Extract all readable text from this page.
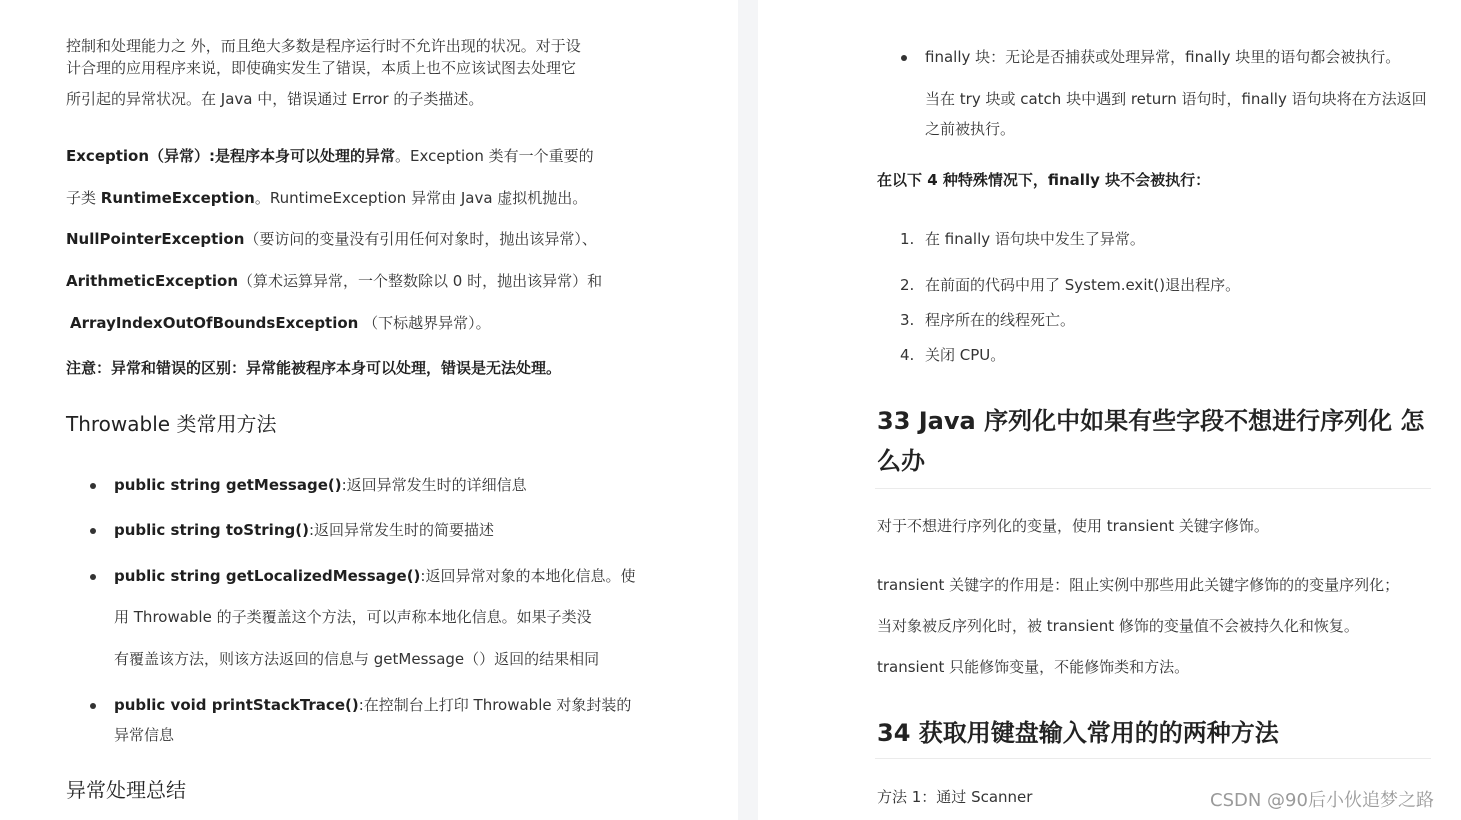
控制和处理能力之 外，而且绝大多数是程序运行时不允许出现的状况。对于设
计合理的应用程序来说，即使确实发生了错误，本质上也不应该试图去处理它
所引起的异常状况。在 Java 中，错误通过 Error 的子类描述。
Exception（异常）:是程序本身可以处理的异常。Exception 类有一个重要的
子类 RuntimeException。RuntimeException 异常由 Java 虚拟机抛出。
NullPointerException（要访问的变量没有引用任何对象时，抛出该异常）、
ArithmeticException（算术运算异常，一个整数除以 0 时，抛出该异常）和
ArrayIndexOutOfBoundsException （下标越界异常）。
注意：异常和错误的区别：异常能被程序本身可以处理，错误是无法处理。
Throwable 类常用方法
public string getMessage():返回异常发生时的详细信息
public string toString():返回异常发生时的简要描述
public string getLocalizedMessage():返回异常对象的本地化信息。使
用 Throwable 的子类覆盖这个方法，可以声称本地化信息。如果子类没
有覆盖该方法，则该方法返回的信息与 getMessage（）返回的结果相同
public void printStackTrace():在控制台上打印 Throwable 对象封装的
异常信息
异常处理总结
finally 块：无论是否捕获或处理异常，finally 块里的语句都会被执行。
当在 try 块或 catch 块中遇到 return 语句时，finally 语句块将在方法返回
之前被执行。
在以下 4 种特殊情况下，finally 块不会被执行：
1. 在 finally 语句块中发生了异常。
2. 在前面的代码中用了 System.exit()退出程序。
3. 程序所在的线程死亡。
4. 关闭 CPU。
33 Java 序列化中如果有些字段不想进行序列化 怎
么办
对于不想进行序列化的变量，使用 transient 关键字修饰。
transient 关键字的作用是：阻止实例中那些用此关键字修饰的的变量序列化；
当对象被反序列化时，被 transient 修饰的变量值不会被持久化和恢复。
transient 只能修饰变量，不能修饰类和方法。
34 获取用键盘输入常用的的两种方法
方法 1：通过 Scanner	CSDN @90后小伙追梦之路
